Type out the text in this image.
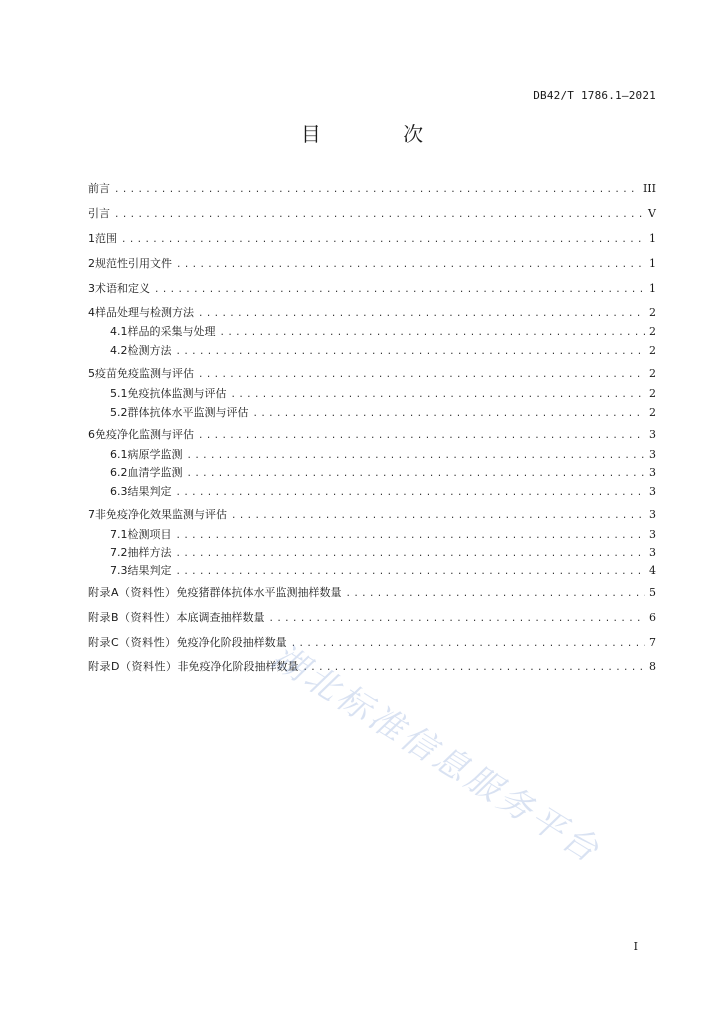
DB42/T 1786.1—2021
目 次
前言 .....	III
引言 .....	V
1 范围 .....	1
2 规范性引用文件 .....	1
3 术语和定义 .....	1
4 样品处理与检测方法 .....	2
4.1 样品的采集与处理 .....	2
4.2 检测方法 .....	2
5 疫苗免疫监测与评估 .....	2
5.1 免疫抗体监测与评估 .....	2
5.2 群体抗体水平监测与评估 .....	2
6 免疫净化监测与评估 .....	3
6.1 病原学监测 .....	3
6.2 血清学监测 .....	3
6.3 结果判定 .....	3
7 非免疫净化效果监测与评估 .....	3
7.1 检测项目 .....	3
7.2 抽样方法 .....	3
7.3 结果判定 .....	4
附录A（资料性） 免疫猪群体抗体水平监测抽样数量 .....	5
附录B（资料性） 本底调查抽样数量 .....	6
附录C（资料性） 免疫净化阶段抽样数量 .....	7
附录D（资料性） 非免疫净化阶段抽样数量 .....	8
I
湖北标准信息服务平台
